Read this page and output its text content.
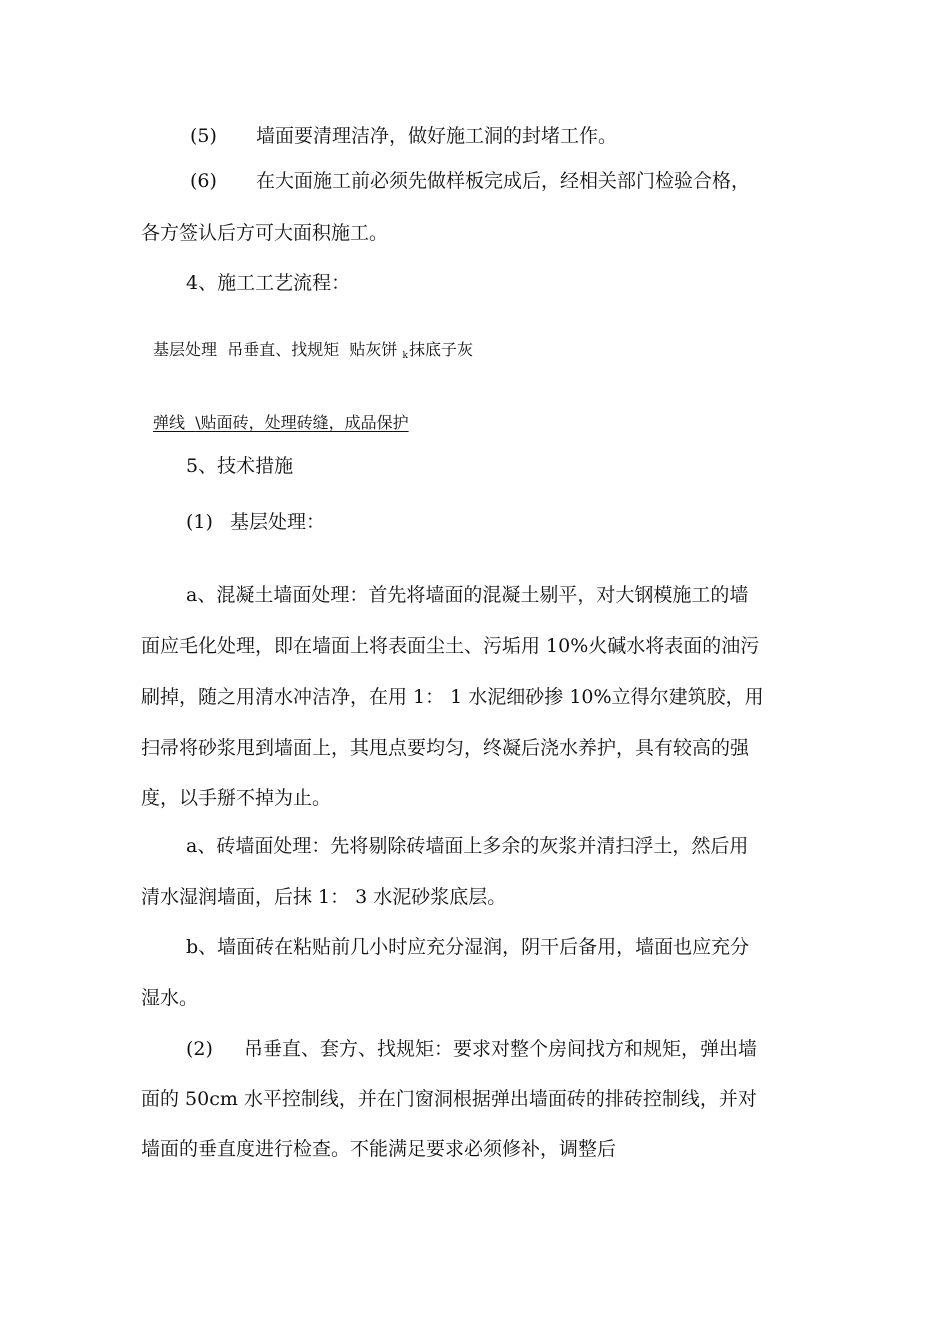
(5) 墙面要清理洁净，做好施工洞的封堵工作。
(6) 在大面施工前必须先做样板完成后，经相关部门检验合格，
各方签认后方可大面积施工。
4、施工工艺流程：
基层处理 吊垂直、找规矩 贴灰饼 k抹底子灰
弹线 \贴面砖，处理砖缝，成品保护
5、技术措施
(1) 基层处理：
a、混凝土墙面处理：首先将墙面的混凝土剔平，对大钢模施工的墙
面应毛化处理，即在墙面上将表面尘土、污垢用 10%火碱水将表面的油污
刷掉，随之用清水冲洁净，在用 1： 1 水泥细砂掺 10%立得尔建筑胶，用
扫帚将砂浆甩到墙面上，其甩点要均匀，终凝后浇水养护，具有较高的强
度，以手掰不掉为止。
a、砖墙面处理：先将剔除砖墙面上多余的灰浆并清扫浮土，然后用
清水湿润墙面，后抹 1： 3 水泥砂浆底层。
b、墙面砖在粘贴前几小时应充分湿润，阴干后备用，墙面也应充分
湿水。
(2) 吊垂直、套方、找规矩：要求对整个房间找方和规矩，弹出墙
面的 50cm 水平控制线，并在门窗洞根据弹出墙面砖的排砖控制线，并对
墙面的垂直度进行检查。不能满足要求必须修补，调整后
